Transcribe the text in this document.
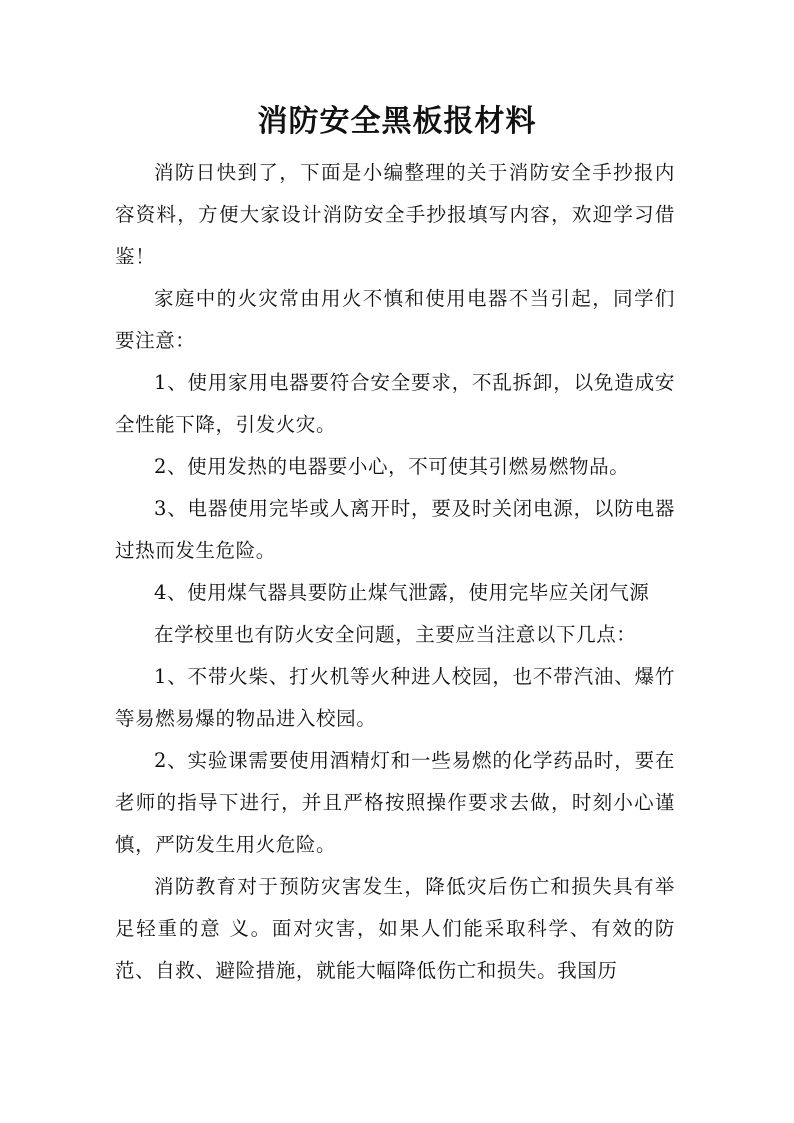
消防安全黑板报材料

消防日快到了，下面是小编整理的关于消防安全手抄报内容资料，方便大家设计消防安全手抄报填写内容，欢迎学习借鉴！

家庭中的火灾常由用火不慎和使用电器不当引起，同学们要注意：

1、使用家用电器要符合安全要求，不乱拆卸，以免造成安全性能下降，引发火灾。

2、使用发热的电器要小心，不可使其引燃易燃物品。

3、电器使用完毕或人离开时，要及时关闭电源，以防电器过热而发生危险。

4、使用煤气器具要防止煤气泄露，使用完毕应关闭气源

在学校里也有防火安全问题，主要应当注意以下几点：

1、不带火柴、打火机等火种进人校园，也不带汽油、爆竹等易燃易爆的物品进入校园。

2、实验课需要使用酒精灯和一些易燃的化学药品时，要在老师的指导下进行，并且严格按照操作要求去做，时刻小心谨慎，严防发生用火危险。

消防教育对于预防灾害发生，降低灾后伤亡和损失具有举足轻重的意 义。面对灾害，如果人们能采取科学、有效的防范、自救、避险措施，就能大幅降低伤亡和损失。我国历
